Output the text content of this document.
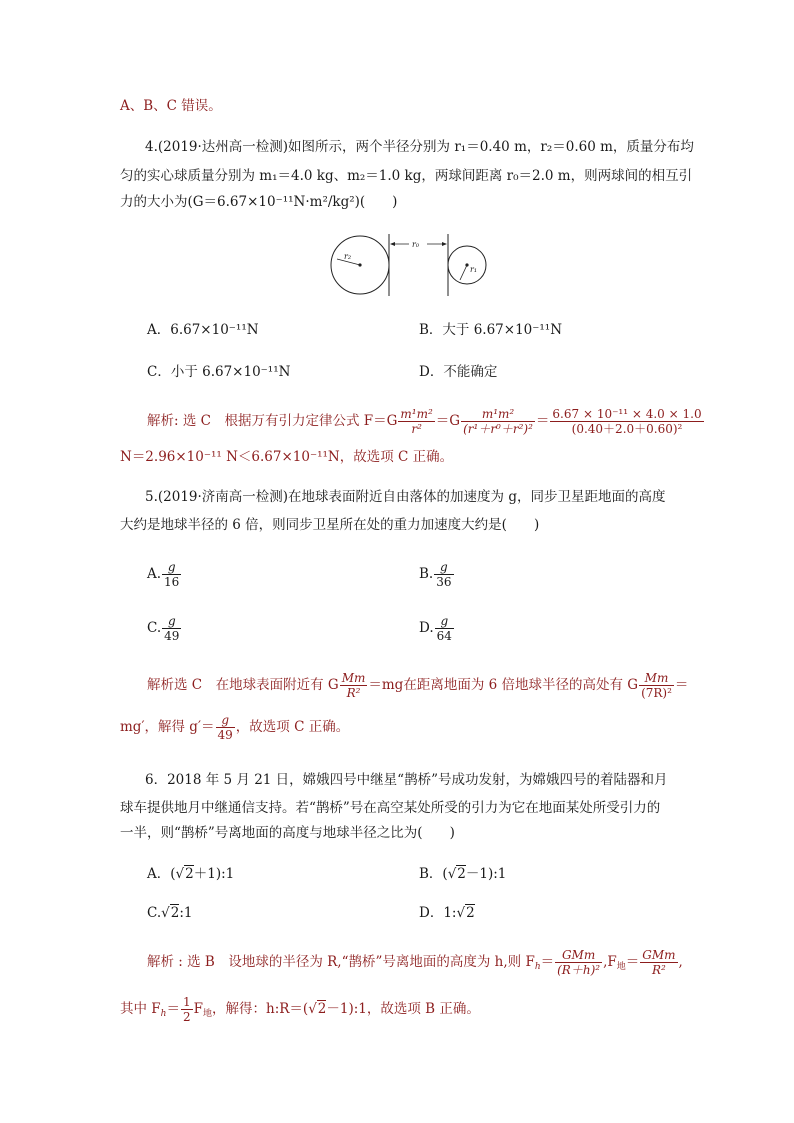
A、B、C 错误。
4.(2019·达州高一检测)如图所示，两个半径分别为 r₁＝0.40 m，r₂＝0.60 m，质量分布均
匀的实心球质量分别为 m₁＝4.0 kg、m₂＝1.0 kg，两球间距离 r₀＝2.0 m，则两球间的相互引
力的大小为(G＝6.67×10⁻¹¹N·m²/kg²)(　　)
r₂
r₀
r₁
A．6.67×10⁻¹¹N	B．大于 6.67×10⁻¹¹N
C．小于 6.67×10⁻¹¹N	D．不能确定
解析: 选 C　根据万有引力定律公式 $F=G \frac{\text{m¹m²}}{\text{r²}} =G \frac{\text{m¹m²}}{\text{(r¹＋r⁰＋r²)²}} = \frac{\text{6.67 × 10⁻¹¹ × 4.0 × 1.0}}{\text{(0.40＋2.0＋0.60)²}}$
N＝2.96×10⁻¹¹ N＜6.67×10⁻¹¹N，故选项 C 正确。
5.(2019·济南高一检测)在地球表面附近自由落体的加速度为 g，同步卫星距地面的高度
大约是地球半径的 6 倍，则同步卫星所在处的重力加速度大约是(　　)
A. $\frac{g}{16}$	B. $\frac{g}{36}$
C. $\frac{g}{49}$	D. $\frac{g}{64}$
解析选 C　在地球表面附近有 G $\frac{Mm}{\text{R²}} =mg$在距离地面为 6 倍地球半径的高处有 G $\frac{Mm}{\text{(7R)²}}$ ＝
mg′，解得 $g'= \frac{g}{49}$ ，故选项 C 正确。
6．2018 年 5 月 21 日，嫦娥四号中继星“鹊桥”号成功发射，为嫦娥四号的着陆器和月
球车提供地月中继通信支持。若“鹊桥”号在高空某处所受的引力为它在地面某处所受引力的
一半，则“鹊桥”号离地面的高度与地球半径之比为(　　)
A．(√2＋1):1	B．(√2－1):1
C.√2:1	D．1:√2
解析 : 选 B　设地球的半径为 R,“鹊桥”号离地面的高度为 h,则 $F_h= \frac{\text{GMm}}{\text{(R＋h)²}} ,F_地= \frac{\text{GMm}}{\text{R²}}$ ,
其中 $F_h= \frac{1}{2} F_地$，解得：h:R＝(√2－1):1，故选项 B 正确。
